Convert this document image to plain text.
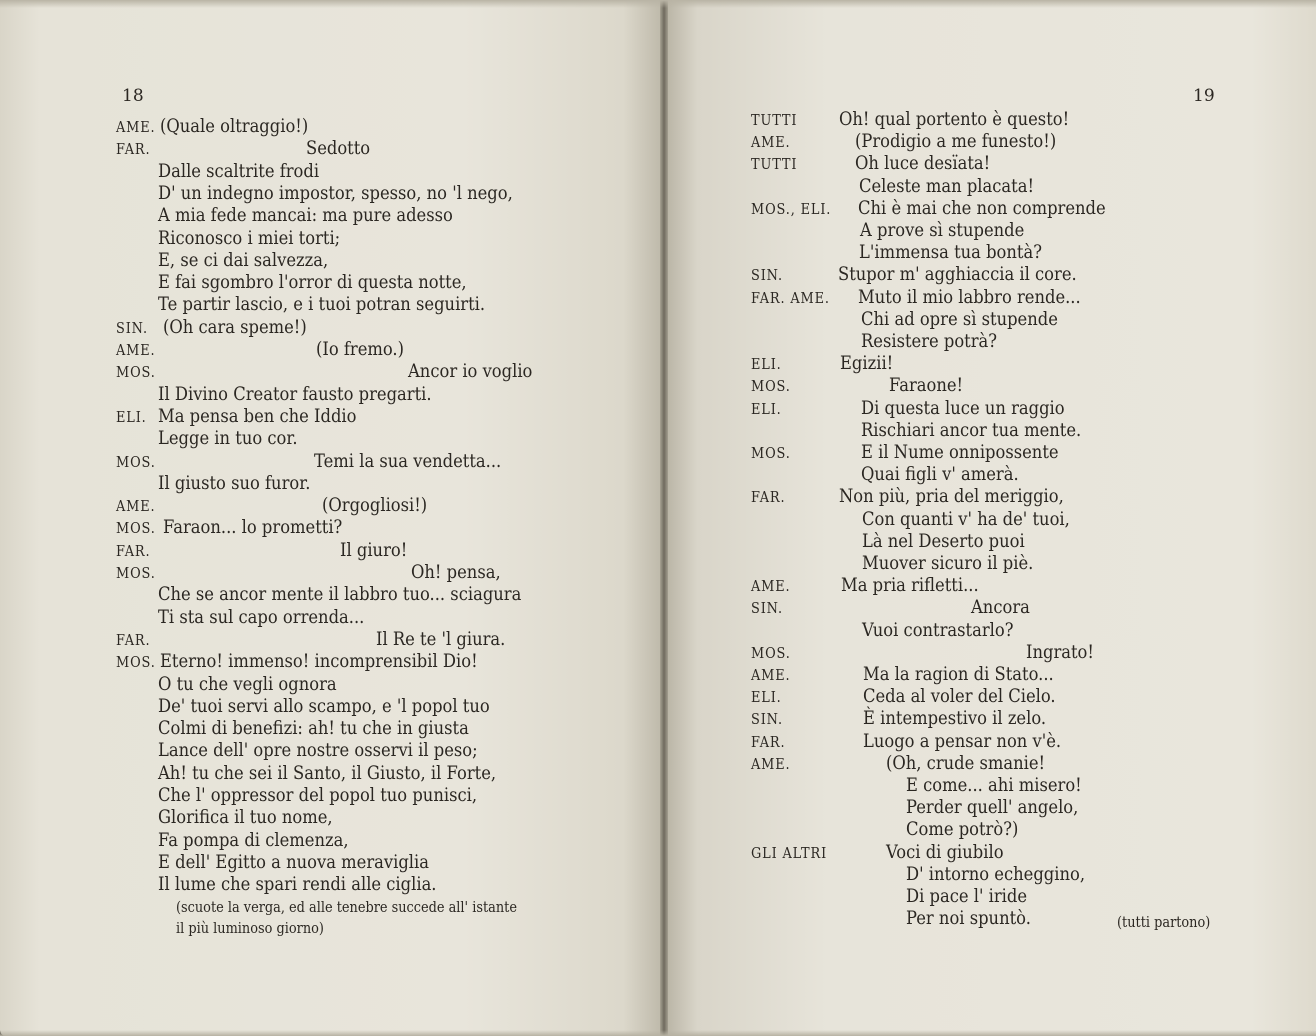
18
AME. (Quale oltraggio!)
FAR.	Sedotto
Dalle scaltrite frodi
D' un indegno impostor, spesso, no 'l nego,
A mia fede mancai: ma pure adesso
Riconosco i miei torti;
E, se ci dai salvezza,
E fai sgombro l'orror di questa notte,
Te partir lascio, e i tuoi potran seguirti.
SIN. (Oh cara speme!)
AME.	(Io fremo.)
MOS.	Ancor io voglio
Il Divino Creator fausto pregarti.
ELI. Ma pensa ben che Iddio
Legge in tuo cor.
MOS.	Temi la sua vendetta...
Il giusto suo furor.
AME.	(Orgogliosi!)
MOS. Faraon... lo prometti?
FAR.	Il giuro!
MOS.	Oh! pensa,
Che se ancor mente il labbro tuo... sciagura
Ti sta sul capo orrenda...
FAR.	Il Re te 'l giura.
MOS. Eterno! immenso! incomprensibil Dio!
O tu che vegli ognora
De' tuoi servi allo scampo, e 'l popol tuo
Colmi di benefizi: ah! tu che in giusta
Lance dell' opre nostre osservi il peso;
Ah! tu che sei il Santo, il Giusto, il Forte,
Che l' oppressor del popol tuo punisci,
Glorifica il tuo nome,
Fa pompa di clemenza,
E dell' Egitto a nuova meraviglia
Il lume che spari rendi alle ciglia.
(scuote la verga, ed alle tenebre succede all' istante
il più luminoso giorno)
19
TUTTI Oh! qual portento è questo!
AME.	(Prodigio a me funesto!)
TUTTI	Oh luce desïata!
Celeste man placata!
MOS., ELI. Chi è mai che non comprende
A prove sì stupende
L'immensa tua bontà?
SIN.	Stupor m' agghiaccia il core.
FAR. AME. Muto il mio labbro rende...
Chi ad opre sì stupende
Resistere potrà?
ELI.	Egizii!
MOS.	Faraone!
ELI.	Di questa luce un raggio
Rischiari ancor tua mente.
MOS.	E il Nume onnipossente
Quai figli v' amerà.
FAR.	Non più, pria del meriggio,
Con quanti v' ha de' tuoi,
Là nel Deserto puoi
Muover sicuro il piè.
AME.	Ma pria rifletti...
SIN.	Ancora
Vuoi contrastarlo?
MOS.	Ingrato!
AME.	Ma la ragion di Stato...
ELI.	Ceda al voler del Cielo.
SIN.	È intempestivo il zelo.
FAR.	Luogo a pensar non v'è.
AME.	(Oh, crude smanie!
E come... ahi misero!
Perder quell' angelo,
Come potrò?)
GLI ALTRI	Voci di giubilo
D' intorno echeggino,
Di pace l' iride
Per noi spuntò.	(tutti partono)
